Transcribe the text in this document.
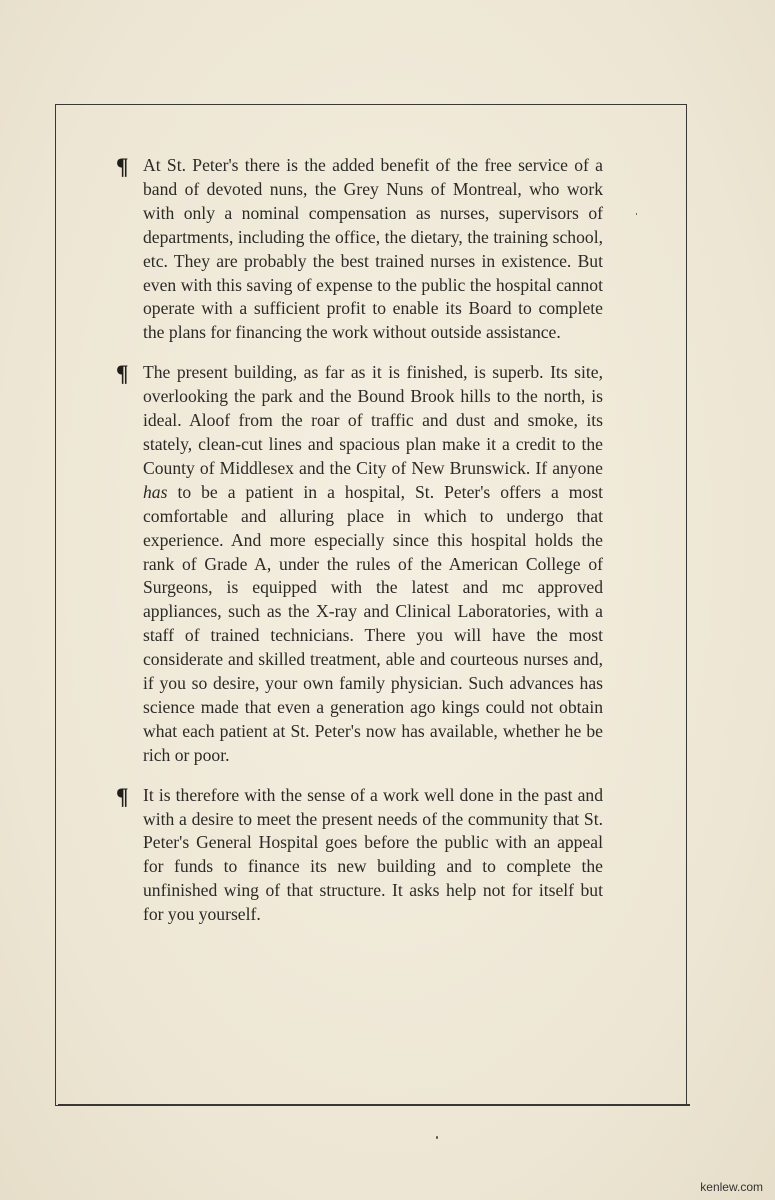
¶ At St. Peter's there is the added benefit of the free service of a band of devoted nuns, the Grey Nuns of Montreal, who work with only a nominal compensation as nurses, supervisors of departments, including the office, the dietary, the training school, etc. They are probably the best trained nurses in existence. But even with this saving of expense to the public the hospital cannot operate with a sufficient profit to enable its Board to complete the plans for financing the work without outside assistance.

¶ The present building, as far as it is finished, is superb. Its site, overlooking the park and the Bound Brook hills to the north, is ideal. Aloof from the roar of traffic and dust and smoke, its stately, clean-cut lines and spacious plan make it a credit to the County of Middlesex and the City of New Brunswick. If anyone has to be a patient in a hospital, St. Peter's offers a most comfortable and alluring place in which to undergo that experience. And more especially since this hospital holds the rank of Grade A, under the rules of the American College of Surgeons, is equipped with the latest and mc approved appliances, such as the X-ray and Clinical Laboratories, with a staff of trained technicians. There you will have the most considerate and skilled treatment, able and courteous nurses and, if you so desire, your own family physician. Such advances has science made that even a generation ago kings could not obtain what each patient at St. Peter's now has available, whether he be rich or poor.

¶ It is therefore with the sense of a work well done in the past and with a desire to meet the present needs of the community that St. Peter's General Hospital goes before the public with an appeal for funds to finance its new building and to complete the unfinished wing of that structure. It asks help not for itself but for you yourself.

kenlew.com
